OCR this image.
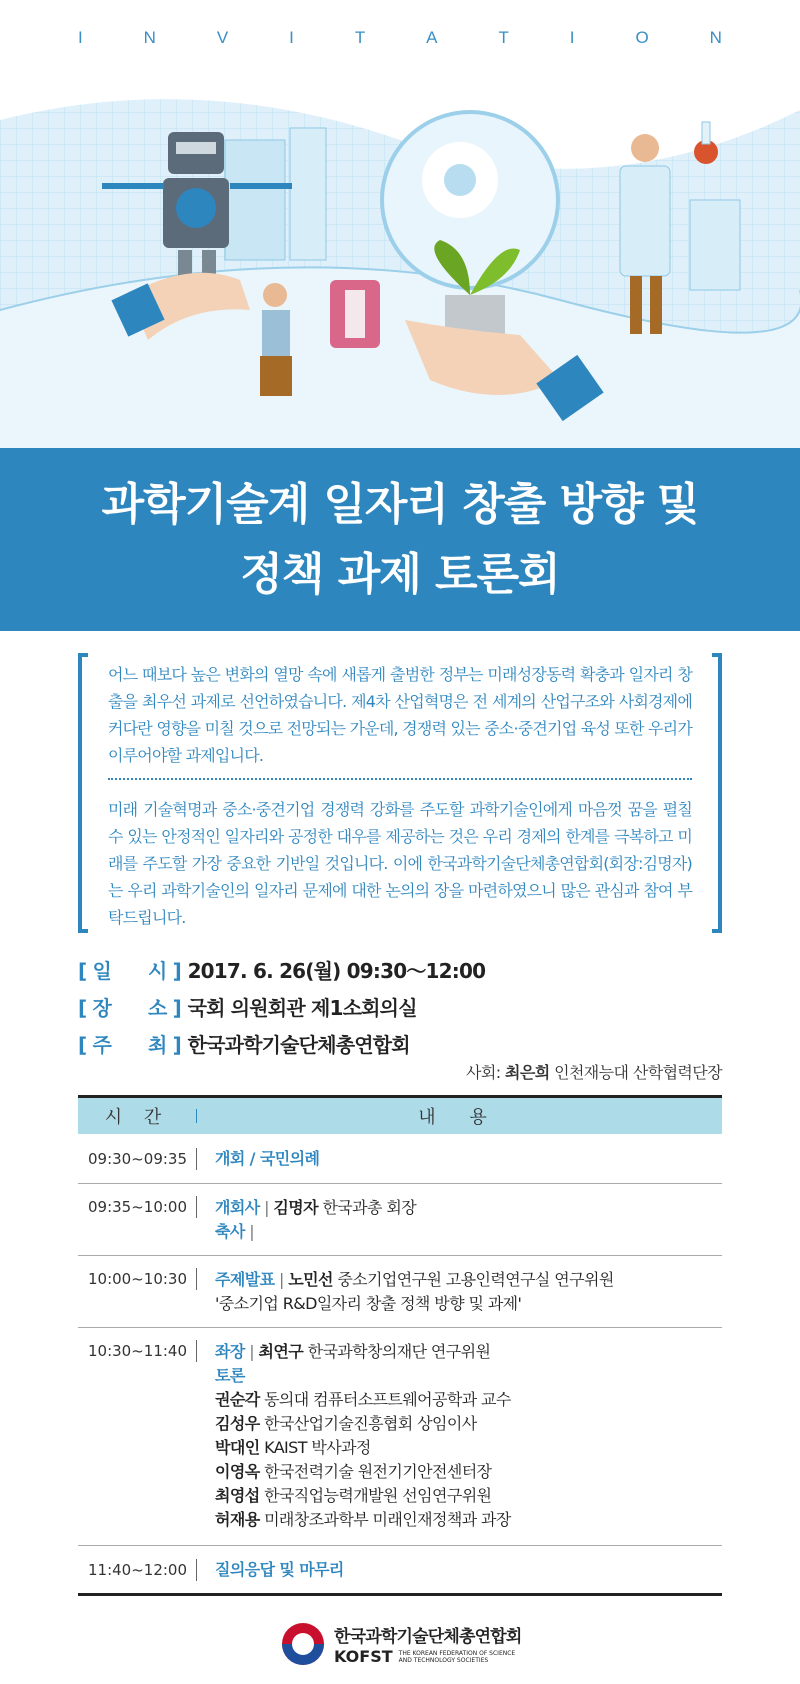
I	N	V	I	T	A	T	I	O	N
과학기술계 일자리 창출 방향 및
정책 과제 토론회
어느 때보다 높은 변화의 열망 속에 새롭게 출범한 정부는 미래성장동력 확충과 일자리 창출을 최우선 과제로 선언하였습니다. 제4차 산업혁명은 전 세계의 산업구조와 사회경제에 커다란 영향을 미칠 것으로 전망되는 가운데, 경쟁력 있는 중소·중견기업 육성 또한 우리가 이루어야할 과제입니다.
미래 기술혁명과 중소·중견기업 경쟁력 강화를 주도할 과학기술인에게 마음껏 꿈을 펼칠 수 있는 안정적인 일자리와 공정한 대우를 제공하는 것은 우리 경제의 한계를 극복하고 미래를 주도할 가장 중요한 기반일 것입니다. 이에 한국과학기술단체총연합회(회장:김명자)는 우리 과학기술인의 일자리 문제에 대한 논의의 장을 마련하였으니 많은 관심과 참여 부탁드립니다.
[ 일      시 ] 2017. 6. 26(월) 09:30～12:00
[ 장      소 ] 국회 의원회관 제1소회의실
[ 주      최 ] 한국과학기술단체총연합회
사회: 최은희 인천재능대 산학협력단장
시 간	내 용
09:30~09:35	개회 / 국민의례
09:35~10:00	개회사 | 김명자 한국과총 회장
축사 |
10:00~10:30	주제발표 | 노민선 중소기업연구원 고용인력연구실 연구위원
'중소기업 R&D일자리 창출 정책 방향 및 과제'
10:30~11:40	좌장 | 최연구 한국과학창의재단 연구위원
토론
권순각 동의대 컴퓨터소프트웨어공학과 교수
김성우 한국산업기술진흥협회 상임이사
박대인 KAIST 박사과정
이영옥 한국전력기술 원전기기안전센터장
최영섭 한국직업능력개발원 선임연구위원
허재용 미래창조과학부 미래인재정책과 과장
11:40~12:00	질의응답 및 마무리
한국과학기술단체총연합회
KOFST THE KOREAN FEDERATION OF SCIENCE
AND TECHNOLOGY SOCIETIES
